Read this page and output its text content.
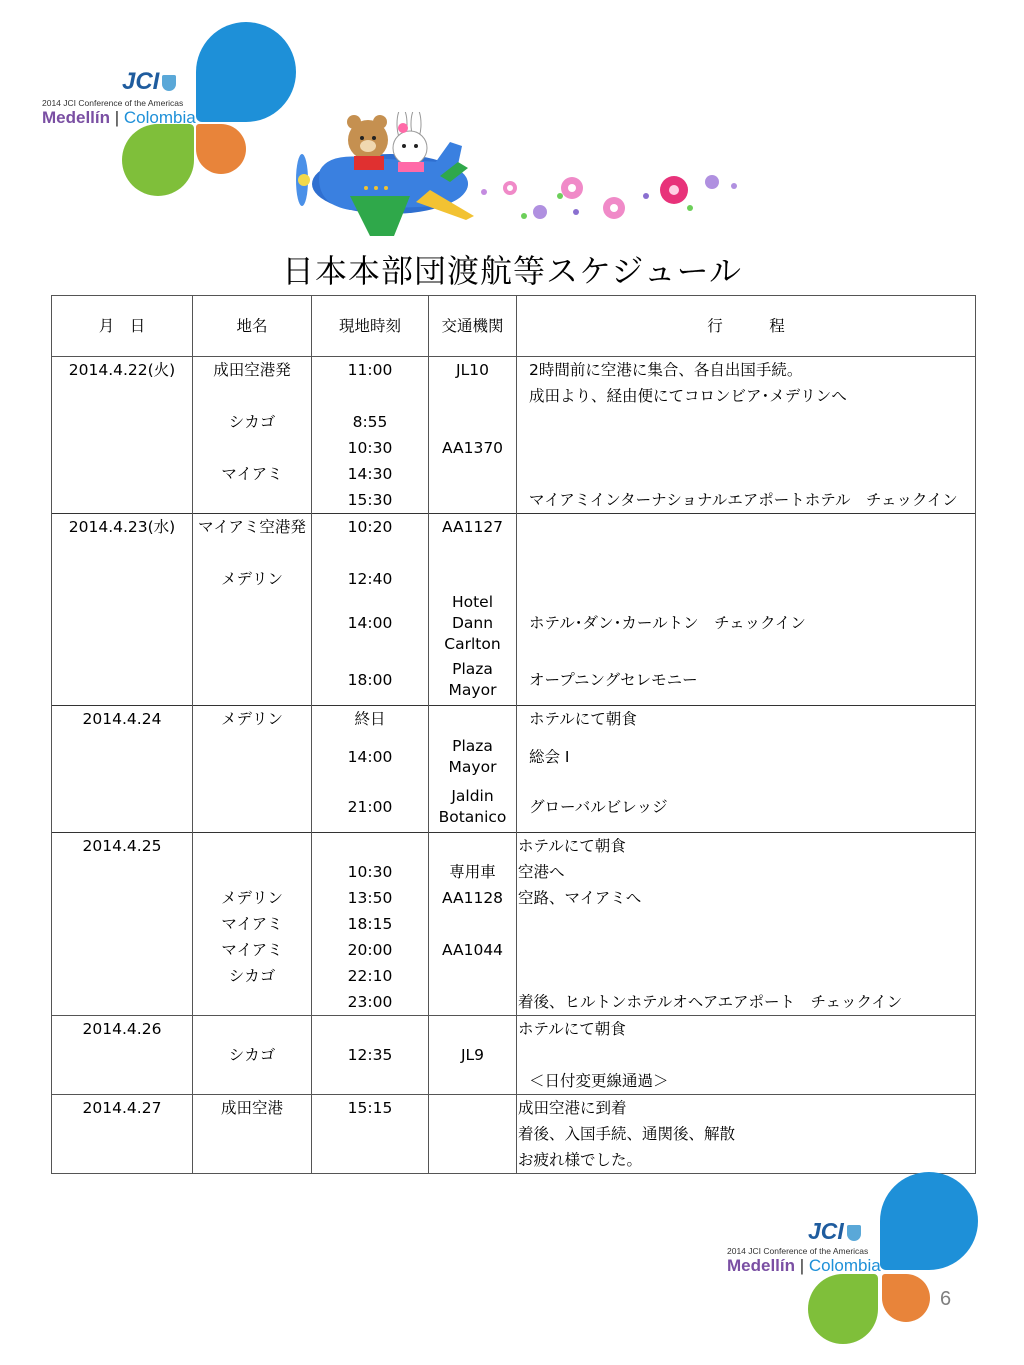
JCI
2014 JCI Conference of the Americas
Medellín | Colombia
日本本部団渡航等スケジュール
月　日	地名	現地時刻	交通機関	行　　　程
2014.4.22(火)	成田空港発	11:00	JL10	2時間前に空港に集合、各自出国手続。
				成田より、経由便にてコロンビア･メデリンへ
	シカゴ	8:55		
		10:30	AA1370	
	マイアミ	14:30		
		15:30		マイアミインターナショナルエアポートホテル　チェックイン
2014.4.23(水)	マイアミ空港発	10:20	AA1127	

	メデリン	12:40		
		14:00	Hotel Dann Carlton	ホテル･ダン･カールトン　チェックイン
		18:00	Plaza Mayor	オープニングセレモニー
2014.4.24	メデリン	終日		ホテルにて朝食
		14:00	Plaza Mayor	総会 I
		21:00	Jaldin Botanico	グローバルビレッジ
2014.4.25				ホテルにて朝食
		10:30	専用車	空港へ
	メデリン	13:50	AA1128	空路、マイアミへ
	マイアミ	18:15		
	マイアミ	20:00	AA1044	
	シカゴ	22:10		
		23:00		着後、ヒルトンホテルオヘアエアポート　チェックイン
2014.4.26				ホテルにて朝食
	シカゴ	12:35	JL9	
				＜日付変更線通過＞
2014.4.27	成田空港	15:15		成田空港に到着
				着後、入国手続、通関後、解散
				お疲れ様でした。
JCI
2014 JCI Conference of the Americas
Medellín | Colombia
6
